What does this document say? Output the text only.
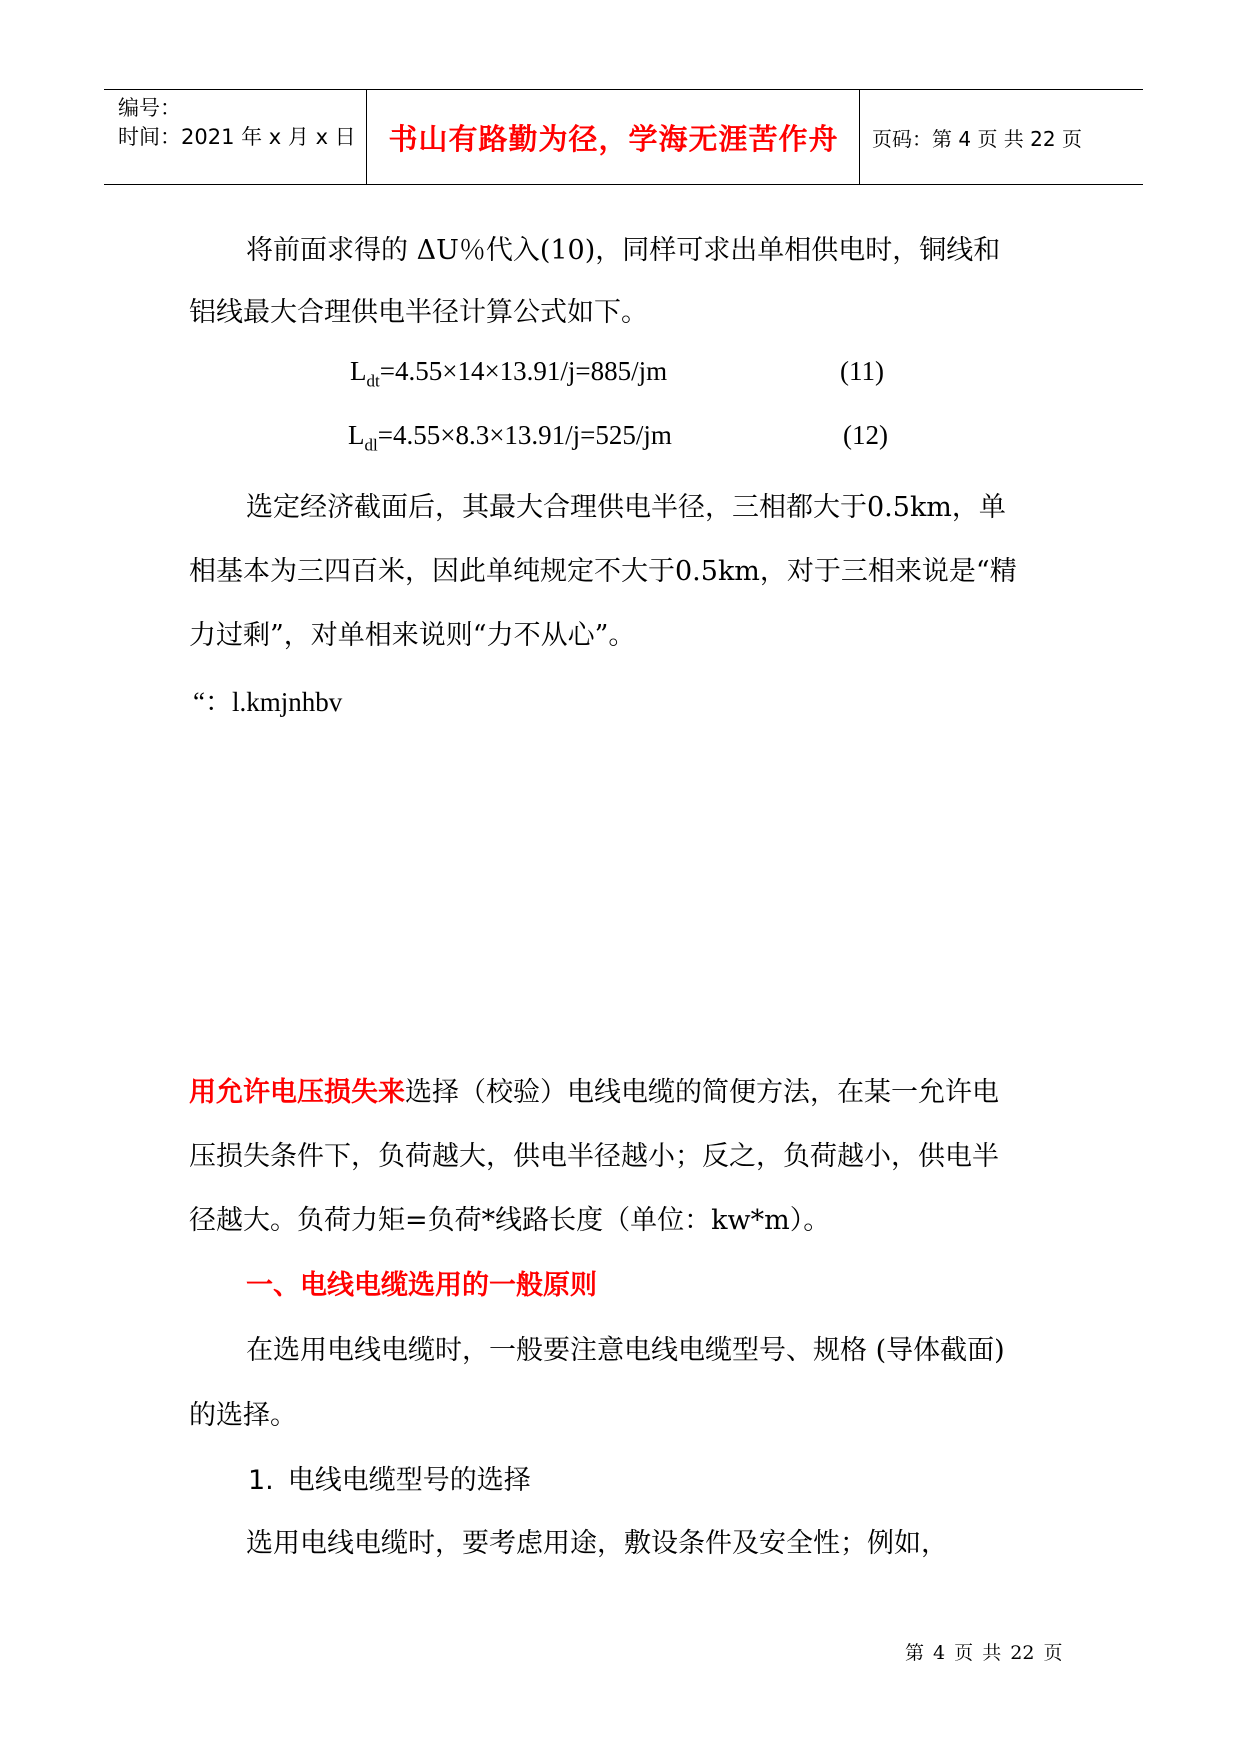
编号：
时间：2021 年 x 月 x 日	书山有路勤为径，学海无涯苦作舟	页码：第 4 页 共 22 页
将前面求得的 ΔU％代入(10)，同样可求出单相供电时，铜线和
铝线最大合理供电半径计算公式如下。
$L_{dt}=4.55\times 14\times 13.91/j=885/jm$	(11)
$L_{dl}=4.55\times 8.3\times 13.91/j=525/jm$	(12)
选定经济截面后，其最大合理供电半径，三相都大于0.5km，单
相基本为三四百米，因此单纯规定不大于0.5km，对于三相来说是“精
力过剩”，对单相来说则“力不从心”。
“：l.kmjnhbv
用允许电压损失来选择（校验）电线电缆的简便方法，在某一允许电
压损失条件下，负荷越大，供电半径越小；反之，负荷越小，供电半
径越大。负荷力矩=负荷*线路长度（单位：kw*m）。
一、电线电缆选用的一般原则
在选用电线电缆时，一般要注意电线电缆型号、规格 (导体截面)
的选择。
1. 电线电缆型号的选择
选用电线电缆时，要考虑用途，敷设条件及安全性；例如，
第 4 页 共 22 页
